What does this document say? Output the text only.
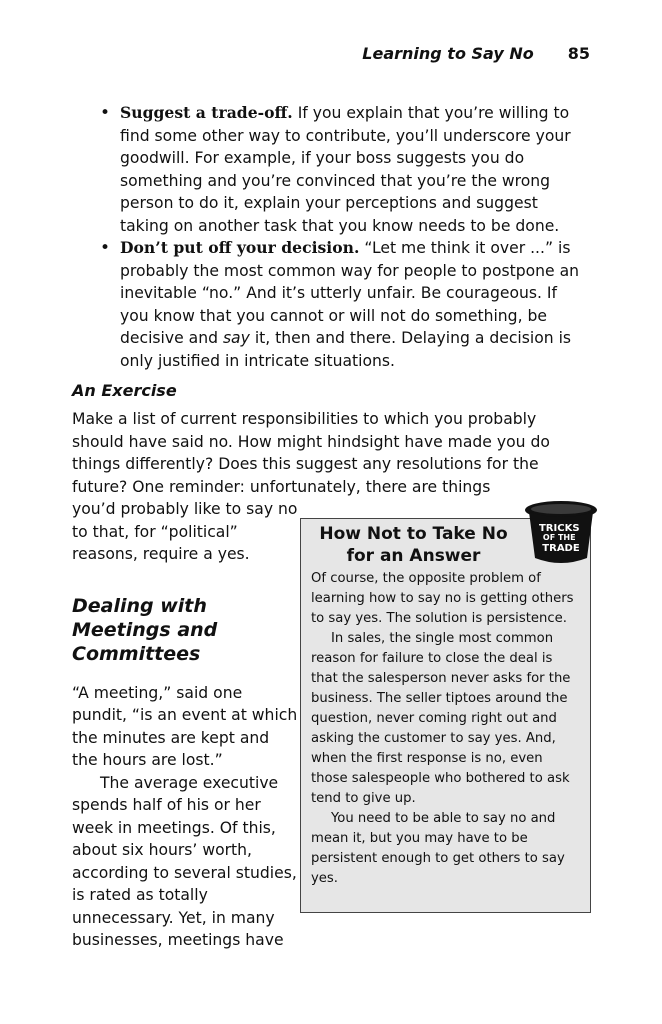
Learning to Say No 85
• Suggest a trade-off. If you explain that you’re willing to find some other way to contribute, you’ll underscore your goodwill. For example, if your boss suggests you do something and you’re convinced that you’re the wrong person to do it, explain your perceptions and suggest taking on another task that you know needs to be done.
• Don’t put off your decision. “Let me think it over ...” is probably the most common way for people to postpone an inevitable “no.” And it’s utterly unfair. Be courageous. If you know that you cannot or will not do something, be decisive and say it, then and there. Delaying a decision is only justified in intricate situations.
An Exercise

Make a list of current responsibilities to which you probably should have said no. How might hindsight have made you do things differently? Does this suggest any resolutions for the future? One reminder: unfortunately, there are things

you’d probably like to say no to that, for “political” reasons, require a yes.

Dealing with Meetings and Committees

“A meeting,” said one pundit, “is an event at which the minutes are kept and the hours are lost.”

The average executive spends half of his or her week in meetings. Of this, about six hours’ worth, according to several studies, is rated as totally unnecessary. Yet, in many businesses, meetings have

How Not to Take No for an Answer

Of course, the opposite problem of learning how to say no is getting others to say yes. The solution is persistence.

In sales, the single most common reason for failure to close the deal is that the salesperson never asks for the business. The seller tiptoes around the question, never coming right out and asking the customer to say yes. And, when the first response is no, even those salespeople who bothered to ask tend to give up.

You need to be able to say no and mean it, but you may have to be persistent enough to get others to say yes.

TRICKS OF THE TRADE
